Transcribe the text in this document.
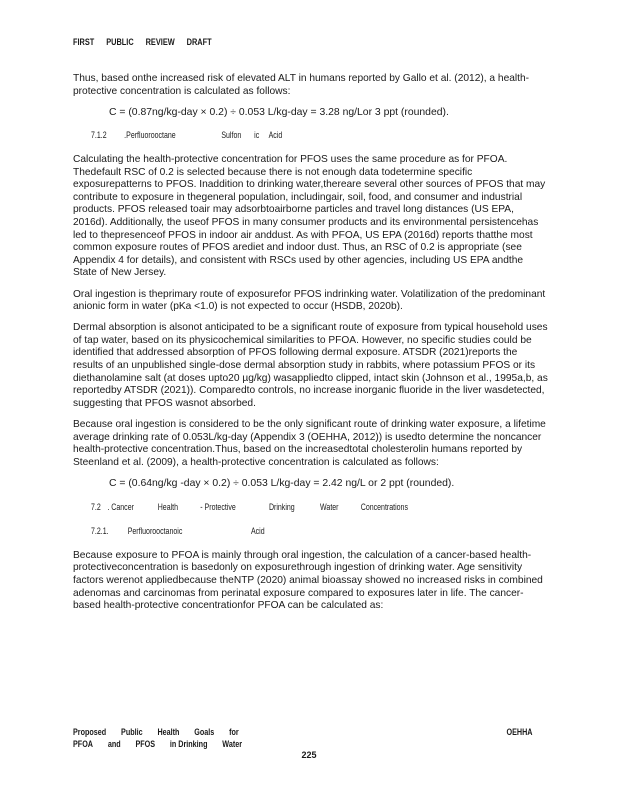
FIRST PUBLIC REVIEW DRAFT

Thus, based onthe increased risk of elevated ALT in humans reported by Gallo et al. (2012), a health-protective concentration is calculated as follows:

C = (0.87ng/kg-day × 0.2) ÷ 0.053 L/kg-day = 3.28 ng/Lor 3 ppt (rounded).
7.1.2 .Perfluorooctane	Sulfon ic Acid

Calculating the health-protective concentration for PFOS uses the same procedure as for PFOA. Thedefault RSC of 0.2 is selected because there is not enough data todetermine specific exposurepatterns to PFOS. Inaddition to drinking water,thereare several other sources of PFOS that may contribute to exposure in thegeneral population, includingair, soil, food, and consumer and industrial products. PFOS released toair may adsorbtoairborne particles and travel long distances (US EPA, 2016d). Additionally, the useof PFOS in many consumer products and its environmental persistencehas led to thepresenceof PFOS in indoor air anddust. As with PFOA, US EPA (2016d) reports thatthe most common exposure routes of PFOS arediet and indoor dust. Thus, an RSC of 0.2 is appropriate (see Appendix 4 for details), and consistent with RSCs used by other agencies, including US EPA andthe State of New Jersey.

Oral ingestion is theprimary route of exposurefor PFOS indrinking water. Volatilization of the predominant anionic form in water (pKa <1.0) is not expected to occur (HSDB, 2020b).

Dermal absorption is alsonot anticipated to be a significant route of exposure from typical household uses of tap water, based on its physicochemical similarities to PFOA. However, no specific studies could be identified that addressed absorption of PFOS following dermal exposure. ATSDR (2021)reports the results of an unpublished single-dose dermal absorption study in rabbits, where potassium PFOS or its diethanolamine salt (at doses upto20 µg/kg) wasappliedto clipped, intact skin (Johnson et al., 1995a,b, as reportedby ATSDR (2021)). Comparedto controls, no increase inorganic fluoride in the liver wasdetected, suggesting that PFOS wasnot absorbed.

Because oral ingestion is considered to be the only significant route of drinking water exposure, a lifetime average drinking rate of 0.053L/kg-day (Appendix 3 (OEHHA, 2012)) is usedto determine the noncancer health-protective concentration.Thus, based on the increasedtotal cholesterolin humans reported by Steenland et al. (2009), a health-protective concentration is calculated as follows:

C = (0.64ng/kg -day × 0.2) ÷ 0.053 L/kg-day = 2.42 ng/L or 2 ppt (rounded).
7.2 . Cancer	Health - Protective	Drinking	Water Concentrations
7.2.1. Perfluorooctanoic	Acid

Because exposure to PFOA is mainly through oral ingestion, the calculation of a cancer-based health-protectiveconcentration is basedonly on exposurethrough ingestion of drinking water. Age sensitivity factors werenot appliedbecause theNTP (2020) animal bioassay showed no increased risks in combined adenomas and carcinomas from perinatal exposure compared to exposures later in life. The cancer-based health-protective concentrationfor PFOA can be calculated as:

Proposed Public Health Goals for
PFOA and PFOS in Drinking Water
OEHHA
225
